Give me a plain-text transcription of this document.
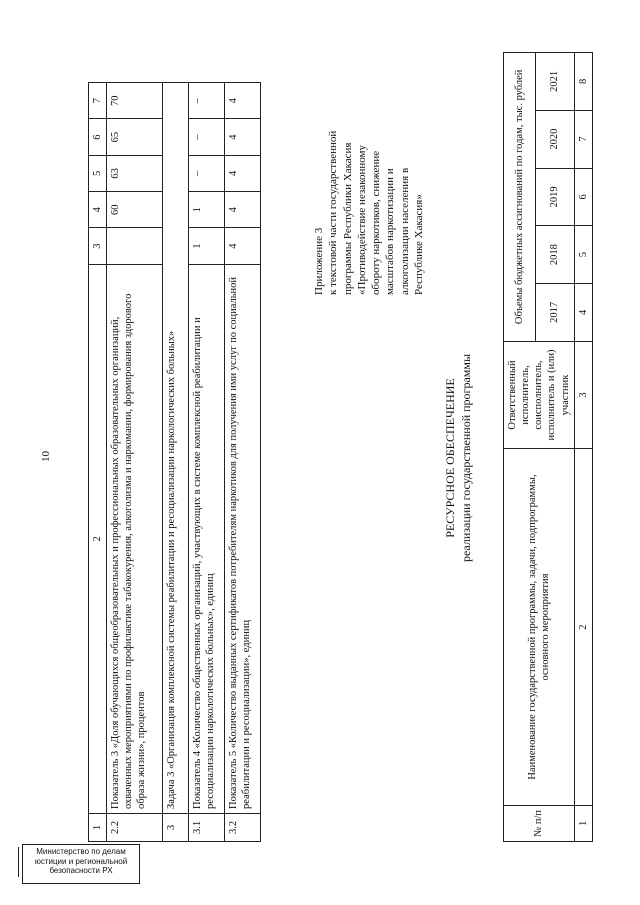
10
1	2	3	4	5	6	7
2.2	Показатель 3 «Доля обучающихся общеобразовательных и профессиональных образовательных организаций, охваченных мероприятиями по профилактике табакокурения, алкоголизма и наркомании, формирования здорового образа жизни», процентов		60	63	65	70
3	Задача 3 «Организация комплексной системы реабилитации и ресоциализации наркологических больных»					
3.1	Показатель 4 «Количество общественных организаций, участвующих в системе комплексной реабилитации и ресоциализации наркологических больных», единиц	1	1	–	–	–
3.2	Показатель 5 «Количество выданных сертификатов потребителям наркотиков для получения ими услуг по социальной реабилитации и ресоциализации», единиц	4	4	4	4	4
Приложение 3 к текстовой части государственной программы Республики Хакасия «Противодействие незаконному обороту наркотиков, снижение масштабов наркотизации и алкоголизации населения в Республике Хакасия»
РЕСУРСНОЕ ОБЕСПЕЧЕНИЕ реализации государственной программы
№ п/п	Наименование государственной программы, задачи, подпрограммы, основного мероприятия	Ответственный исполнитель, соисполнитель, исполнитель и (или) участник	Объемы бюджетных ассигнований по годам, тыс. рублей				
			2017	2018	2019	2020	2021
1	2	3	4	5	6	7	8
Министерство по делам
юстиции и региональной
безопасности РХ
